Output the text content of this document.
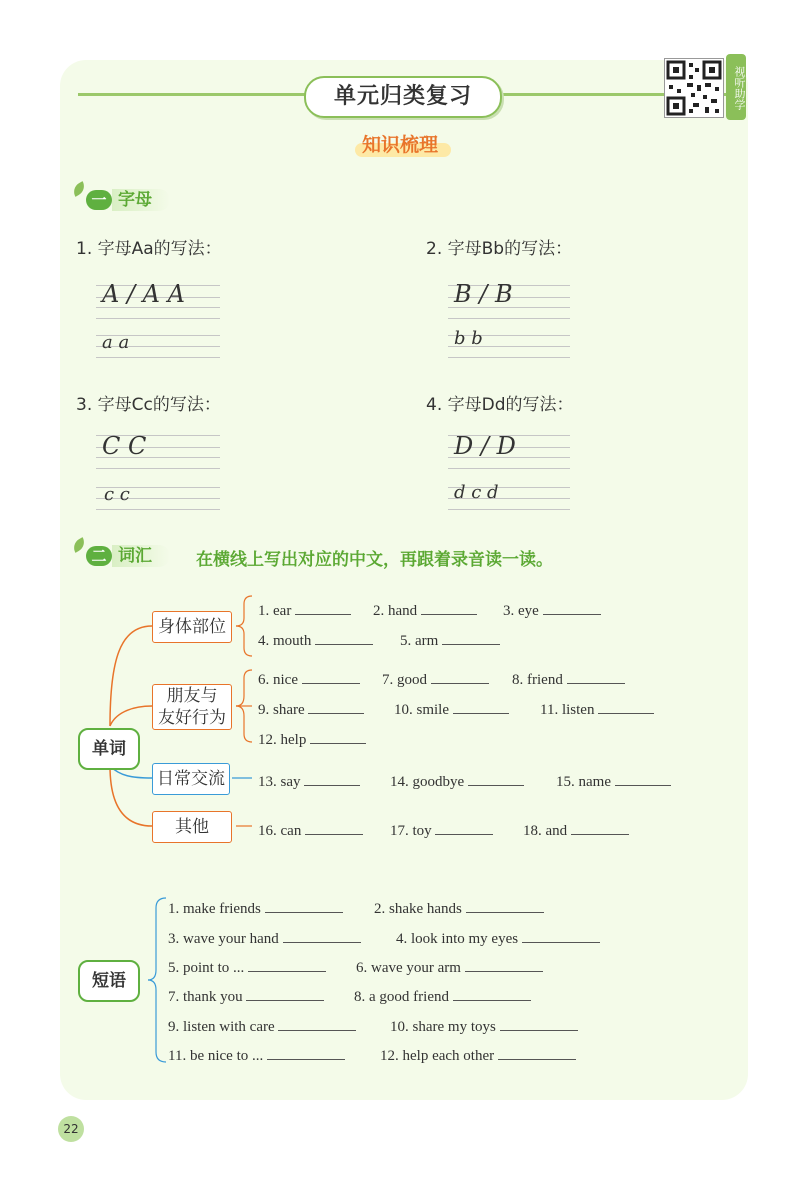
单元归类复习	视听助学
知识梳理
一 字母
1. 字母Aa的写法：
A / A A
a a
2. 字母Bb的写法：
B / B
b b
3. 字母Cc的写法：
C C
c c
4. 字母Dd的写法：
D / D
d c d
二 词汇	在横线上写出对应的中文，再跟着录音读一读。
单词
身体部位
朋友与
友好行为
日常交流
其他
1. ear	2. hand	3. eye
4. mouth	5. arm
6. nice	7. good	8. friend
9. share	10. smile	11. listen
12. help
13. say	14. goodbye	15. name
16. can	17. toy	18. and
短语
1. make friends	2. shake hands
3. wave your hand	4. look into my eyes
5. point to ...	6. wave your arm
7. thank you	8. a good friend
9. listen with care	10. share my toys
11. be nice to ...	12. help each other
22
